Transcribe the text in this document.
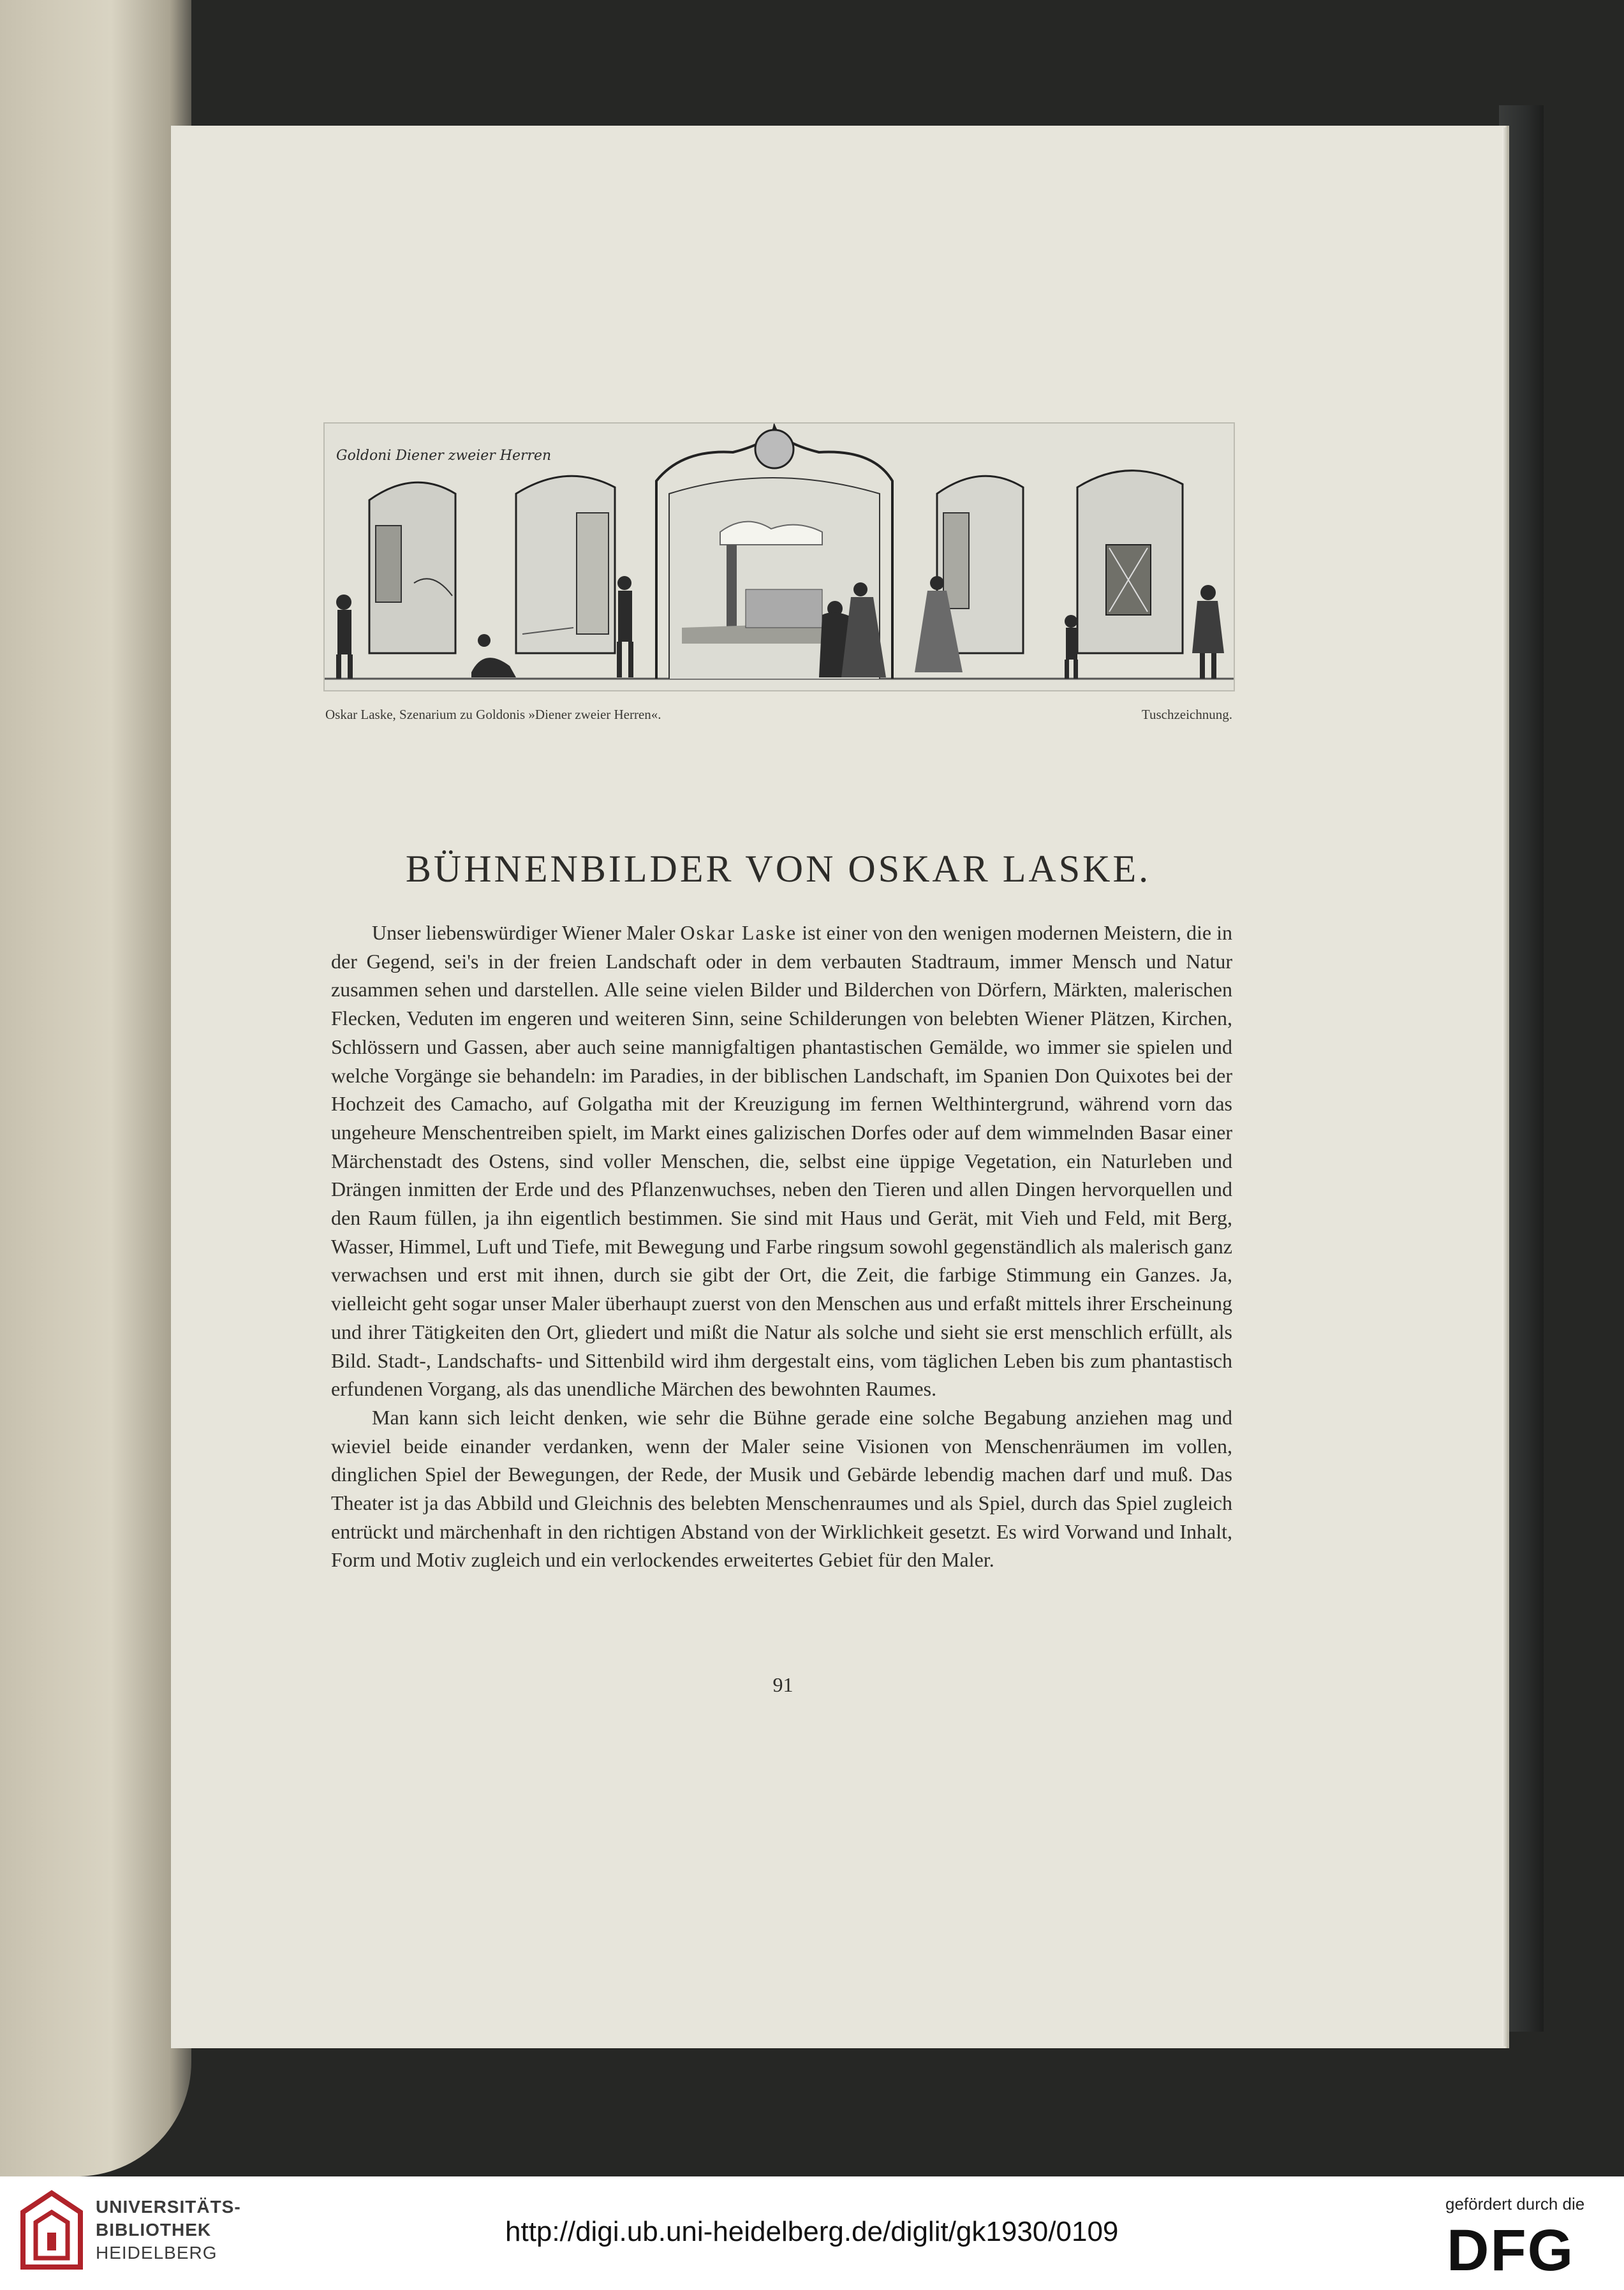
Goldoni Diener zweier Herren
Oskar Laske, Szenarium zu Goldonis »Diener zweier Herren«.	Tuschzeichnung.
BÜHNENBILDER VON OSKAR LASKE.

Unser liebenswürdiger Wiener Maler Oskar Laske ist einer von den wenigen modernen Meistern, die in der Gegend, sei's in der freien Landschaft oder in dem verbauten Stadtraum, immer Mensch und Natur zusammen sehen und darstellen. Alle seine vielen Bilder und Bilderchen von Dörfern, Märkten, malerischen Flecken, Veduten im engeren und weiteren Sinn, seine Schilderungen von belebten Wiener Plätzen, Kirchen, Schlössern und Gassen, aber auch seine mannigfaltigen phantastischen Gemälde, wo immer sie spielen und welche Vorgänge sie behandeln: im Paradies, in der biblischen Landschaft, im Spanien Don Quixotes bei der Hochzeit des Camacho, auf Golgatha mit der Kreuzigung im fernen Welthintergrund, während vorn das ungeheure Menschentreiben spielt, im Markt eines galizischen Dorfes oder auf dem wimmelnden Basar einer Märchenstadt des Ostens, sind voller Menschen, die, selbst eine üppige Vegetation, ein Naturleben und Drängen inmitten der Erde und des Pflanzenwuchses, neben den Tieren und allen Dingen hervorquellen und den Raum füllen, ja ihn eigentlich bestimmen. Sie sind mit Haus und Gerät, mit Vieh und Feld, mit Berg, Wasser, Himmel, Luft und Tiefe, mit Bewegung und Farbe ringsum sowohl gegenständlich als malerisch ganz verwachsen und erst mit ihnen, durch sie gibt der Ort, die Zeit, die farbige Stimmung ein Ganzes. Ja, vielleicht geht sogar unser Maler überhaupt zuerst von den Menschen aus und erfaßt mittels ihrer Erscheinung und ihrer Tätigkeiten den Ort, gliedert und mißt die Natur als solche und sieht sie erst menschlich erfüllt, als Bild. Stadt-, Landschafts- und Sittenbild wird ihm dergestalt eins, vom täglichen Leben bis zum phantastisch erfundenen Vorgang, als das unendliche Märchen des bewohnten Raumes.

Man kann sich leicht denken, wie sehr die Bühne gerade eine solche Begabung anziehen mag und wieviel beide einander verdanken, wenn der Maler seine Visionen von Menschenräumen im vollen, dinglichen Spiel der Bewegungen, der Rede, der Musik und Gebärde lebendig machen darf und muß. Das Theater ist ja das Abbild und Gleichnis des belebten Menschenraumes und als Spiel, durch das Spiel zugleich entrückt und märchenhaft in den richtigen Abstand von der Wirklichkeit gesetzt. Es wird Vorwand und Inhalt, Form und Motiv zugleich und ein verlockendes erweitertes Gebiet für den Maler.

91
UNIVERSITÄTS-
BIBLIOTHEK
HEIDELBERG
http://digi.ub.uni-heidelberg.de/diglit/gk1930/0109
gefördert durch die
DFG
